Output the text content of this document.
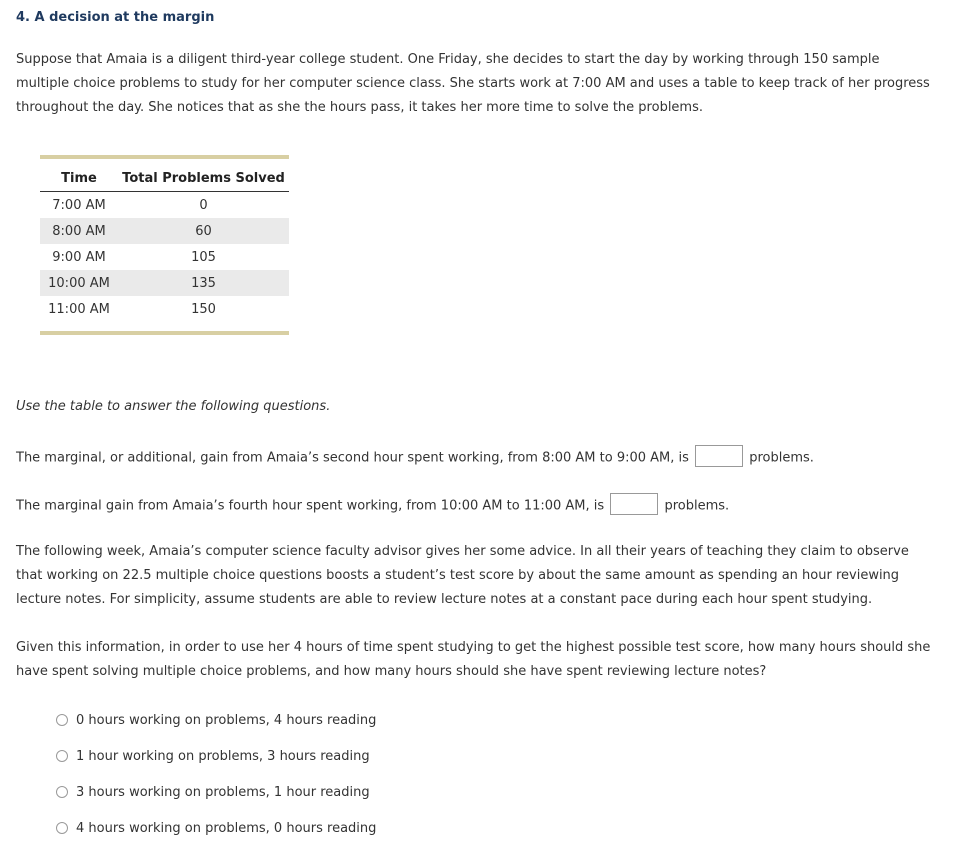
4. A decision at the margin

Suppose that Amaia is a diligent third-year college student. One Friday, she decides to start the day by working through 150 sample multiple choice problems to study for her computer science class. She starts work at 7:00 AM and uses a table to keep track of her progress throughout the day. She notices that as she the hours pass, it takes her more time to solve the problems.

Time	Total Problems Solved
7:00 AM	0
8:00 AM	60
9:00 AM	105
10:00 AM	135
11:00 AM	150

Use the table to answer the following questions.

The marginal, or additional, gain from Amaia’s second hour spent working, from 8:00 AM to 9:00 AM, is	problems.

The marginal gain from Amaia’s fourth hour spent working, from 10:00 AM to 11:00 AM, is	problems.

The following week, Amaia’s computer science faculty advisor gives her some advice. In all their years of teaching they claim to observe that working on 22.5 multiple choice questions boosts a student’s test score by about the same amount as spending an hour reviewing lecture notes. For simplicity, assume students are able to review lecture notes at a constant pace during each hour spent studying.

Given this information, in order to use her 4 hours of time spent studying to get the highest possible test score, how many hours should she have spent solving multiple choice problems, and how many hours should she have spent reviewing lecture notes?

0 hours working on problems, 4 hours reading
1 hour working on problems, 3 hours reading
3 hours working on problems, 1 hour reading
4 hours working on problems, 0 hours reading
